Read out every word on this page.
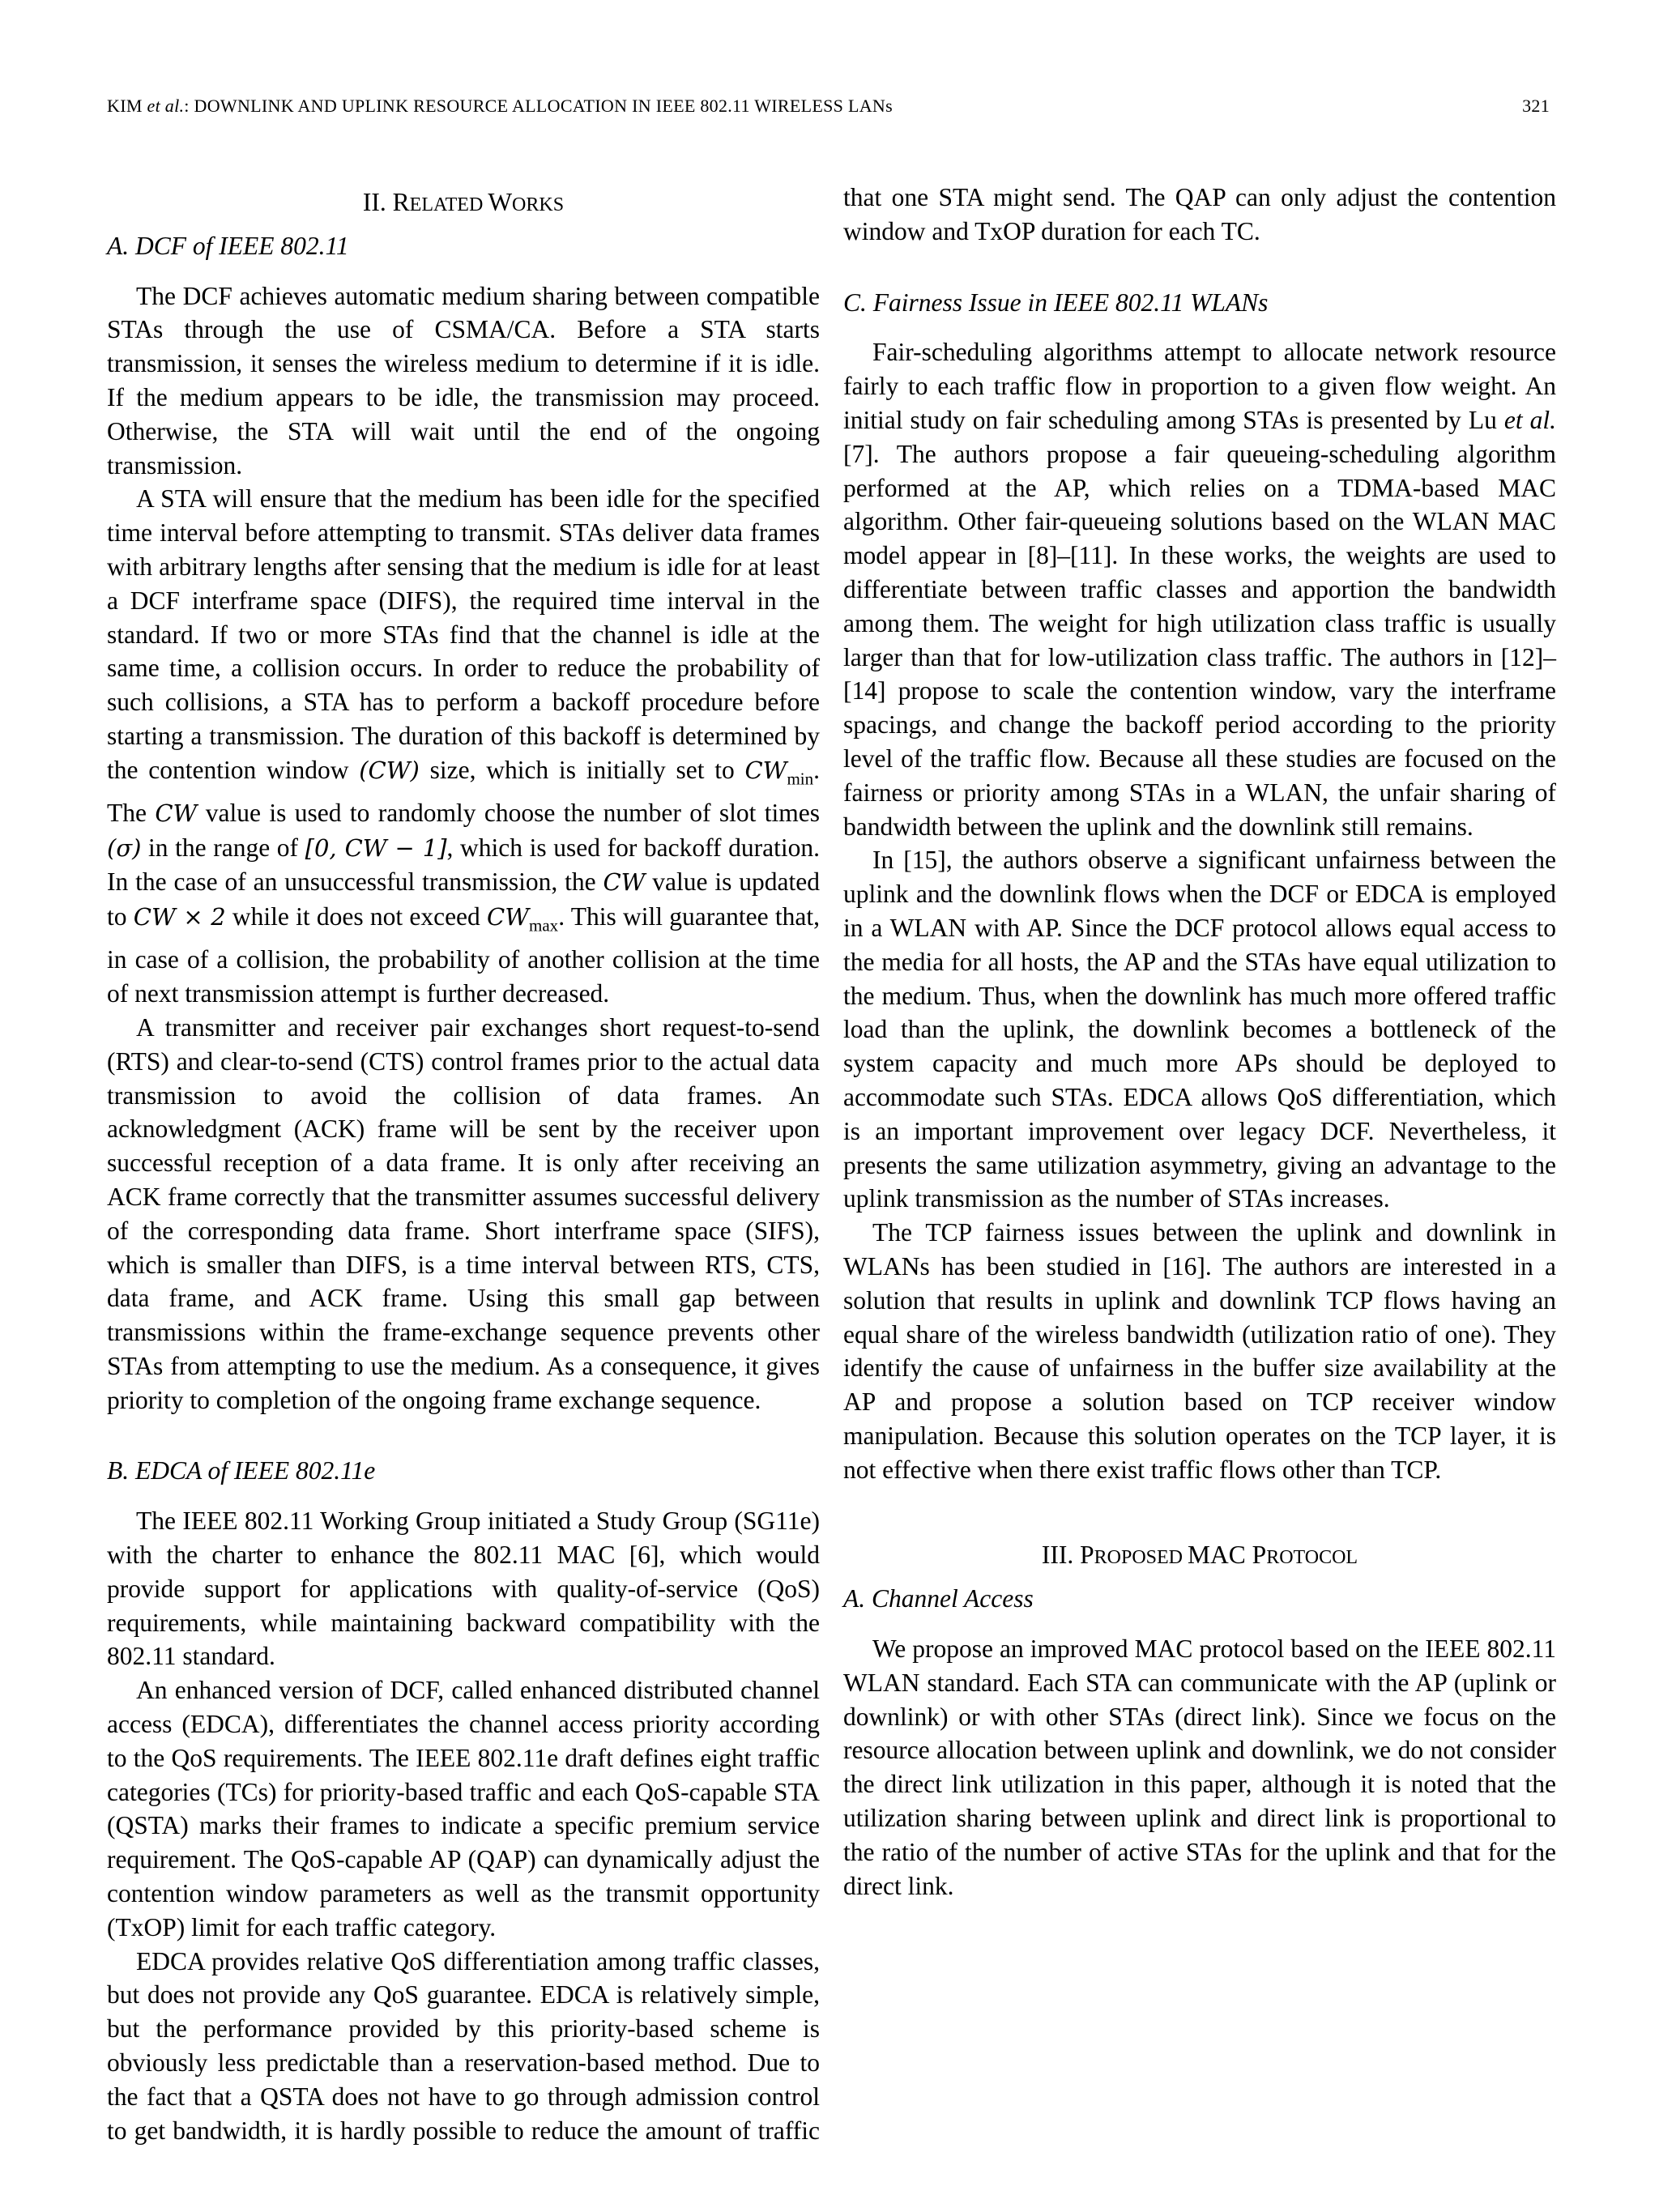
KIM et al.: DOWNLINK AND UPLINK RESOURCE ALLOCATION IN IEEE 802.11 WIRELESS LANs	321
II. RELATED WORKS
A. DCF of IEEE 802.11

The DCF achieves automatic medium sharing between compatible STAs through the use of CSMA/CA. Before a STA starts transmission, it senses the wireless medium to determine if it is idle. If the medium appears to be idle, the transmission may proceed. Otherwise, the STA will wait until the end of the ongoing transmission.

A STA will ensure that the medium has been idle for the specified time interval before attempting to transmit. STAs deliver data frames with arbitrary lengths after sensing that the medium is idle for at least a DCF interframe space (DIFS), the required time interval in the standard. If two or more STAs find that the channel is idle at the same time, a collision occurs. In order to reduce the probability of such collisions, a STA has to perform a backoff procedure before starting a transmission. The duration of this backoff is determined by the contention window (CW) size, which is initially set to $CW_{min}$. The CW value is used to randomly choose the number of slot times (σ) in the range of [0, CW − 1], which is used for backoff duration. In the case of an unsuccessful transmission, the CW value is updated to CW × 2 while it does not exceed $CW_{max}$. This will guarantee that, in case of a collision, the probability of another collision at the time of next transmission attempt is further decreased.

A transmitter and receiver pair exchanges short request-to-send (RTS) and clear-to-send (CTS) control frames prior to the actual data transmission to avoid the collision of data frames. An acknowledgment (ACK) frame will be sent by the receiver upon successful reception of a data frame. It is only after receiving an ACK frame correctly that the transmitter assumes successful delivery of the corresponding data frame. Short interframe space (SIFS), which is smaller than DIFS, is a time interval between RTS, CTS, data frame, and ACK frame. Using this small gap between transmissions within the frame-exchange sequence prevents other STAs from attempting to use the medium. As a consequence, it gives priority to completion of the ongoing frame exchange sequence.

B. EDCA of IEEE 802.11e

The IEEE 802.11 Working Group initiated a Study Group (SG11e) with the charter to enhance the 802.11 MAC [6], which would provide support for applications with quality-of-service (QoS) requirements, while maintaining backward compatibility with the 802.11 standard.

An enhanced version of DCF, called enhanced distributed channel access (EDCA), differentiates the channel access priority according to the QoS requirements. The IEEE 802.11e draft defines eight traffic categories (TCs) for priority-based traffic and each QoS-capable STA (QSTA) marks their frames to indicate a specific premium service requirement. The QoS-capable AP (QAP) can dynamically adjust the contention window parameters as well as the transmit opportunity (TxOP) limit for each traffic category.

EDCA provides relative QoS differentiation among traffic classes, but does not provide any QoS guarantee. EDCA is relatively simple, but the performance provided by this priority-based scheme is obviously less predictable than a reservation-based method. Due to the fact that a QSTA does not have to go through admission control to get bandwidth, it is hardly possible to reduce the amount of traffic

that one STA might send. The QAP can only adjust the contention window and TxOP duration for each TC.

C. Fairness Issue in IEEE 802.11 WLANs

Fair-scheduling algorithms attempt to allocate network resource fairly to each traffic flow in proportion to a given flow weight. An initial study on fair scheduling among STAs is presented by Lu et al. [7]. The authors propose a fair queueing-scheduling algorithm performed at the AP, which relies on a TDMA-based MAC algorithm. Other fair-queueing solutions based on the WLAN MAC model appear in [8]–[11]. In these works, the weights are used to differentiate between traffic classes and apportion the bandwidth among them. The weight for high utilization class traffic is usually larger than that for low-utilization class traffic. The authors in [12]–[14] propose to scale the contention window, vary the interframe spacings, and change the backoff period according to the priority level of the traffic flow. Because all these studies are focused on the fairness or priority among STAs in a WLAN, the unfair sharing of bandwidth between the uplink and the downlink still remains.

In [15], the authors observe a significant unfairness between the uplink and the downlink flows when the DCF or EDCA is employed in a WLAN with AP. Since the DCF protocol allows equal access to the media for all hosts, the AP and the STAs have equal utilization to the medium. Thus, when the downlink has much more offered traffic load than the uplink, the downlink becomes a bottleneck of the system capacity and much more APs should be deployed to accommodate such STAs. EDCA allows QoS differentiation, which is an important improvement over legacy DCF. Nevertheless, it presents the same utilization asymmetry, giving an advantage to the uplink transmission as the number of STAs increases.

The TCP fairness issues between the uplink and downlink in WLANs has been studied in [16]. The authors are interested in a solution that results in uplink and downlink TCP flows having an equal share of the wireless bandwidth (utilization ratio of one). They identify the cause of unfairness in the buffer size availability at the AP and propose a solution based on TCP receiver window manipulation. Because this solution operates on the TCP layer, it is not effective when there exist traffic flows other than TCP.

III. PROPOSED MAC PROTOCOL
A. Channel Access

We propose an improved MAC protocol based on the IEEE 802.11 WLAN standard. Each STA can communicate with the AP (uplink or downlink) or with other STAs (direct link). Since we focus on the resource allocation between uplink and downlink, we do not consider the direct link utilization in this paper, although it is noted that the utilization sharing between uplink and direct link is proportional to the ratio of the number of active STAs for the uplink and that for the direct link.
